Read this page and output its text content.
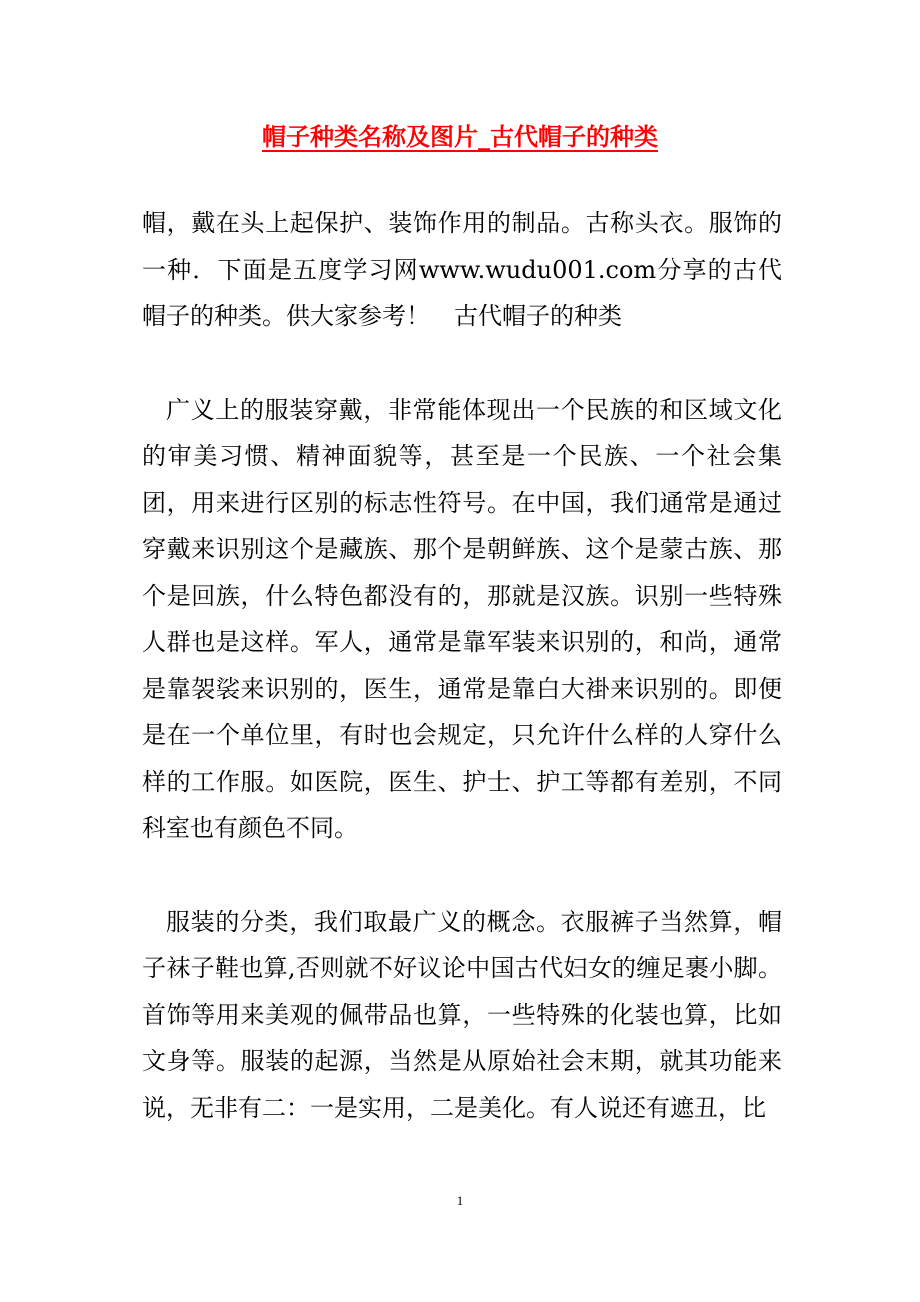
帽子种类名称及图片_古代帽子的种类

帽，戴在头上起保护、装饰作用的制品。古称头衣。服饰的一种．下面是五度学习网www.wudu001.com分享的古代帽子的种类。供大家参考！　古代帽子的种类

广义上的服装穿戴，非常能体现出一个民族的和区域文化的审美习惯、精神面貌等，甚至是一个民族、一个社会集团，用来进行区别的标志性符号。在中国，我们通常是通过穿戴来识别这个是藏族、那个是朝鲜族、这个是蒙古族、那个是回族，什么特色都没有的，那就是汉族。识别一些特殊人群也是这样。军人，通常是靠军装来识别的，和尚，通常是靠袈裟来识别的，医生，通常是靠白大褂来识别的。即便是在一个单位里，有时也会规定，只允许什么样的人穿什么样的工作服。如医院，医生、护士、护工等都有差别，不同科室也有颜色不同。

服装的分类，我们取最广义的概念。衣服裤子当然算，帽子袜子鞋也算,否则就不好议论中国古代妇女的缠足裹小脚。首饰等用来美观的佩带品也算，一些特殊的化装也算，比如文身等。服装的起源，当然是从原始社会末期，就其功能来说，无非有二：一是实用，二是美化。有人说还有遮丑，比

1
